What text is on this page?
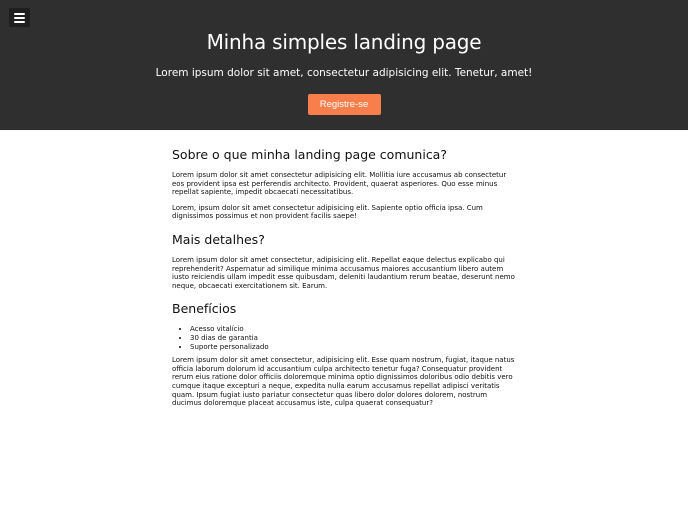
Minha simples landing page

Lorem ipsum dolor sit amet, consectetur adipisicing elit. Tenetur, amet!

Registre-se
Sobre o que minha landing page comunica?

Lorem ipsum dolor sit amet consectetur adipisicing elit. Mollitia iure accusamus ab consectetur eos provident ipsa est perferendis architecto. Provident, quaerat asperiores. Quo esse minus repellat sapiente, impedit obcaecati necessitatibus.

Lorem, ipsum dolor sit amet consectetur adipisicing elit. Sapiente optio officia ipsa. Cum dignissimos possimus et non provident facilis saepe!

Mais detalhes?

Lorem ipsum dolor sit amet consectetur, adipisicing elit. Repellat eaque delectus explicabo qui reprehenderit? Aspernatur ad similique minima accusamus maiores accusantium libero autem iusto reiciendis ullam impedit esse quibusdam, deleniti laudantium rerum beatae, deserunt nemo neque, obcaecati exercitationem sit. Earum.

Benefícios
• Acesso vitalício
• 30 dias de garantia
• Suporte personalizado

Lorem ipsum dolor sit amet consectetur, adipisicing elit. Esse quam nostrum, fugiat, itaque natus officia laborum dolorum id accusantium culpa architecto tenetur fuga? Consequatur provident rerum eius ratione dolor officiis doloremque minima optio dignissimos doloribus odio debitis vero cumque itaque excepturi a neque, expedita nulla earum accusamus repellat adipisci veritatis quam. Ipsum fugiat iusto pariatur consectetur quas libero dolor dolores dolorem, nostrum ducimus doloremque placeat accusamus iste, culpa quaerat consequatur?
